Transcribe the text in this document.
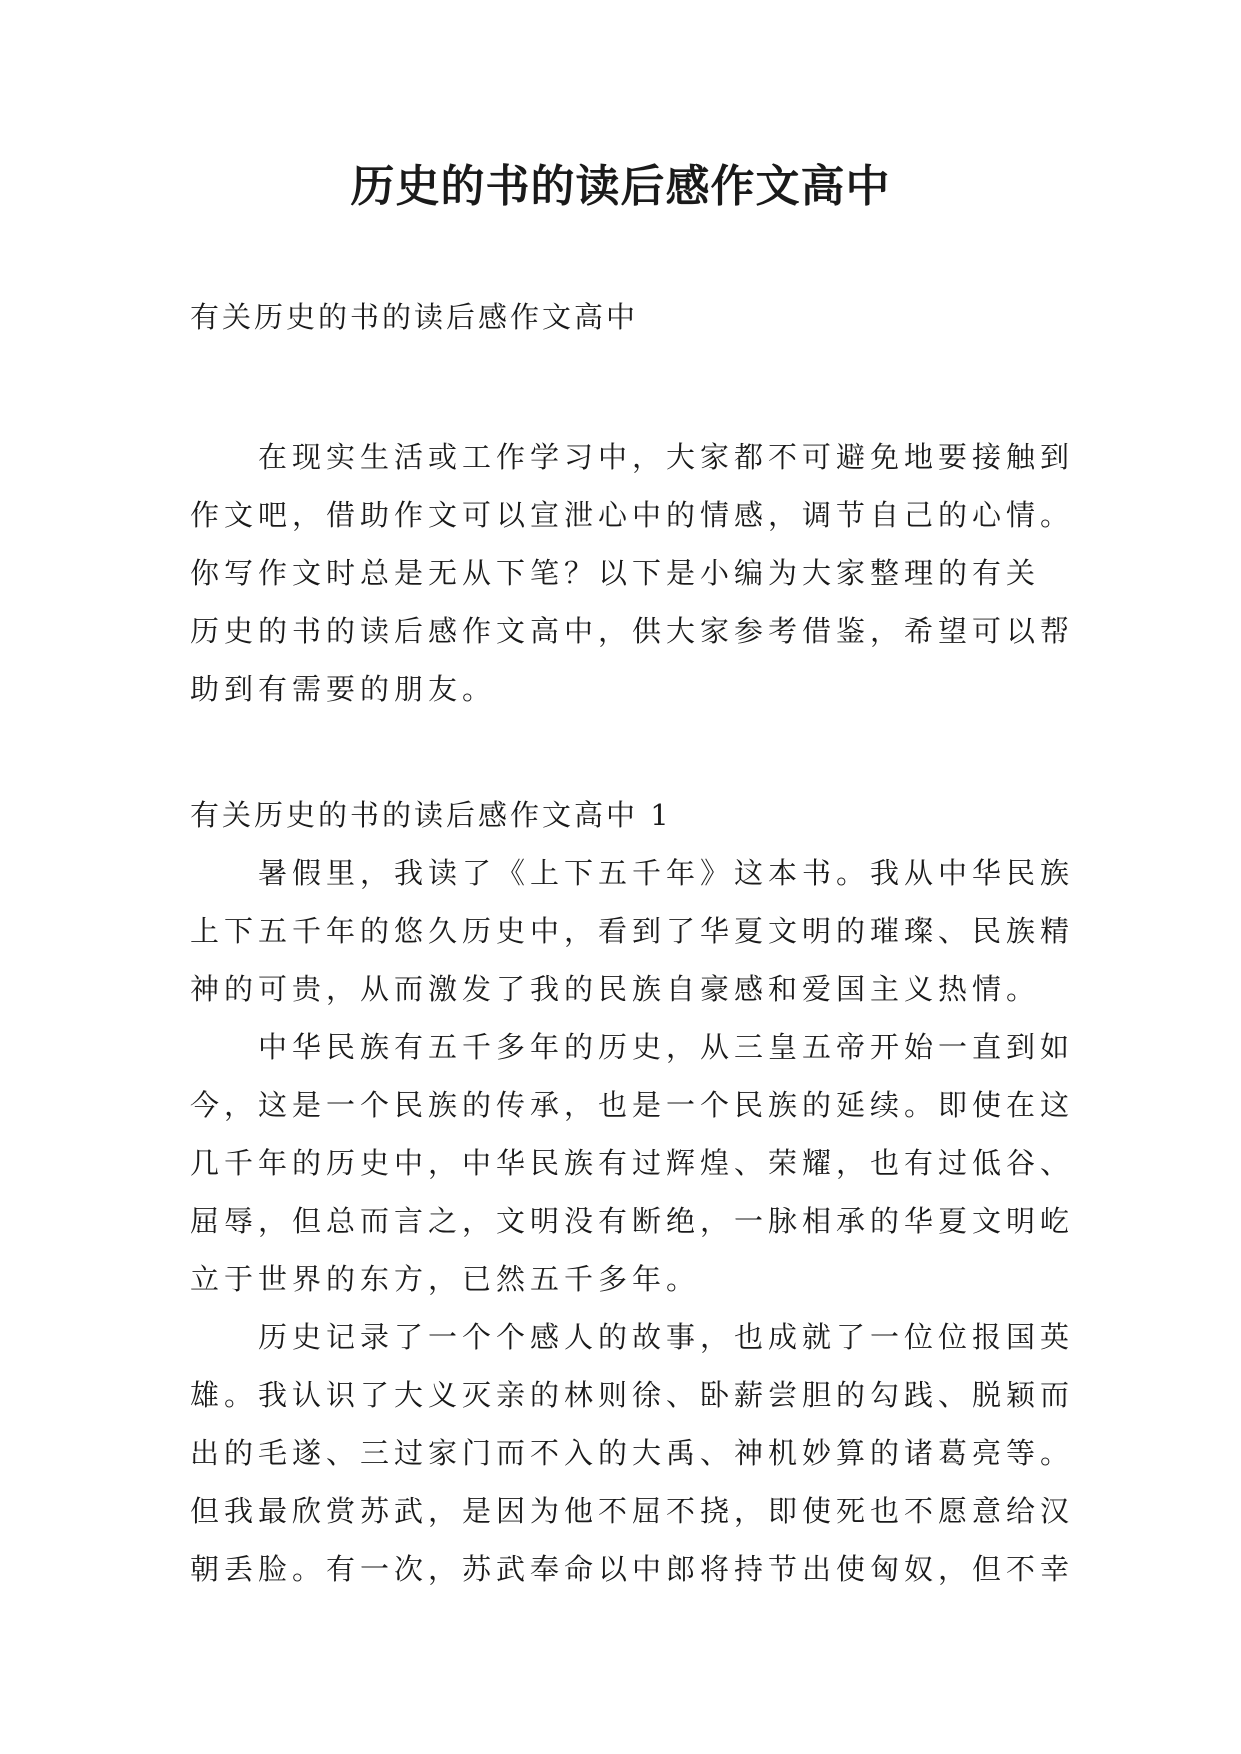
历史的书的读后感作文高中

有关历史的书的读后感作文高中

在现实生活或工作学习中，大家都不可避免地要接触到

作文吧，借助作文可以宣泄心中的情感，调节自己的心情。

你写作文时总是无从下笔？以下是小编为大家整理的有关

历史的书的读后感作文高中，供大家参考借鉴，希望可以帮

助到有需要的朋友。

有关历史的书的读后感作文高中 1

暑假里，我读了《上下五千年》这本书。我从中华民族

上下五千年的悠久历史中，看到了华夏文明的璀璨、民族精

神的可贵，从而激发了我的民族自豪感和爱国主义热情。

中华民族有五千多年的历史，从三皇五帝开始一直到如

今，这是一个民族的传承，也是一个民族的延续。即使在这

几千年的历史中，中华民族有过辉煌、荣耀，也有过低谷、

屈辱，但总而言之，文明没有断绝，一脉相承的华夏文明屹

立于世界的东方，已然五千多年。

历史记录了一个个感人的故事，也成就了一位位报国英

雄。我认识了大义灭亲的林则徐、卧薪尝胆的勾践、脱颖而

出的毛遂、三过家门而不入的大禹、神机妙算的诸葛亮等。

但我最欣赏苏武，是因为他不屈不挠，即使死也不愿意给汉

朝丢脸。有一次，苏武奉命以中郎将持节出使匈奴，但不幸
